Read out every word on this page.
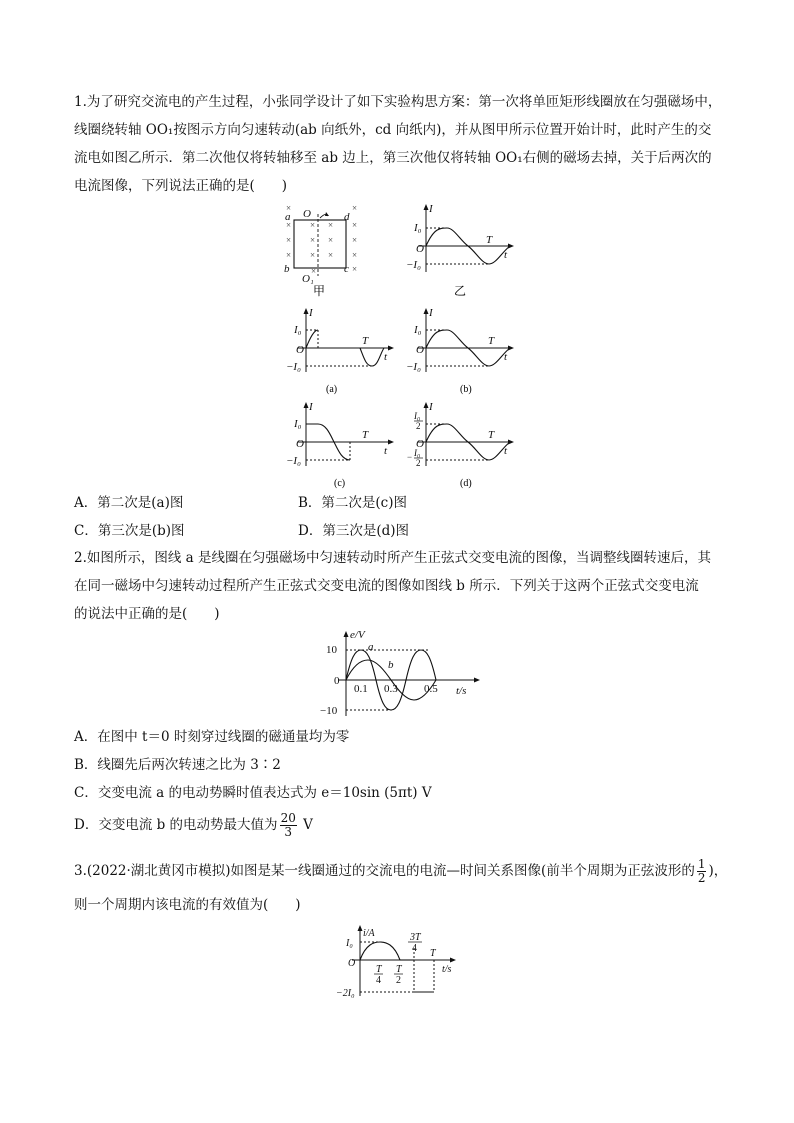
1.为了研究交流电的产生过程，小张同学设计了如下实验构思方案：第一次将单匝矩形线圈放在匀强磁场中，
线圈绕转轴 OO₁按图示方向匀速转动(ab 向纸外，cd 向纸内)，并从图甲所示位置开始计时，此时产生的交
流电如图乙所示．第二次他仅将转轴移至 ab 边上，第三次他仅将转轴 OO₁右侧的磁场去掉，关于后两次的
电流图像，下列说法正确的是(　　)
×	×
× × × ×
× × × ×
× × × ×
×
×
a
b	c
d
O
O₁
甲
I
I₀
O
−I₀
T
t
乙
I
I₀
O
−I₀
T
t
(a)
I
I₀
O
−I₀
T
t
(b)
I
I₀
O
−I₀
T
t
(c)
I
I₀
2
O
− I₀
2
T
t
(d)
A．第二次是(a)图	B．第二次是(c)图
C．第三次是(b)图	D．第三次是(d)图
2.如图所示，图线 a 是线圈在匀强磁场中匀速转动时所产生正弦式交变电流的图像，当调整线圈转速后，其
在同一磁场中匀速转动过程所产生正弦式交变电流的图像如图线 b 所示．下列关于这两个正弦式交变电流
的说法中正确的是(　　)
e/V
10
0
−10
0.1 0.3 0.5 t/s
a
b
A．在图中 t＝0 时刻穿过线圈的磁通量均为零
B．线圈先后两次转速之比为 3∶2
C．交变电流 a 的电动势瞬时值表达式为 e＝10sin (5πt) V
D．交变电流 b 的电动势最大值为 $\frac{20}{3}$ V
3.(2022·湖北黄冈市模拟)如图是某一线圈通过的交流电的电流—时间关系图像(前半个周期为正弦波形的 $\frac{1}{2}$ )，
则一个周期内该电流的有效值为(　　)
i/A
I₀
O
−2I₀
T
4
T
2
3T
4 T
t/s
